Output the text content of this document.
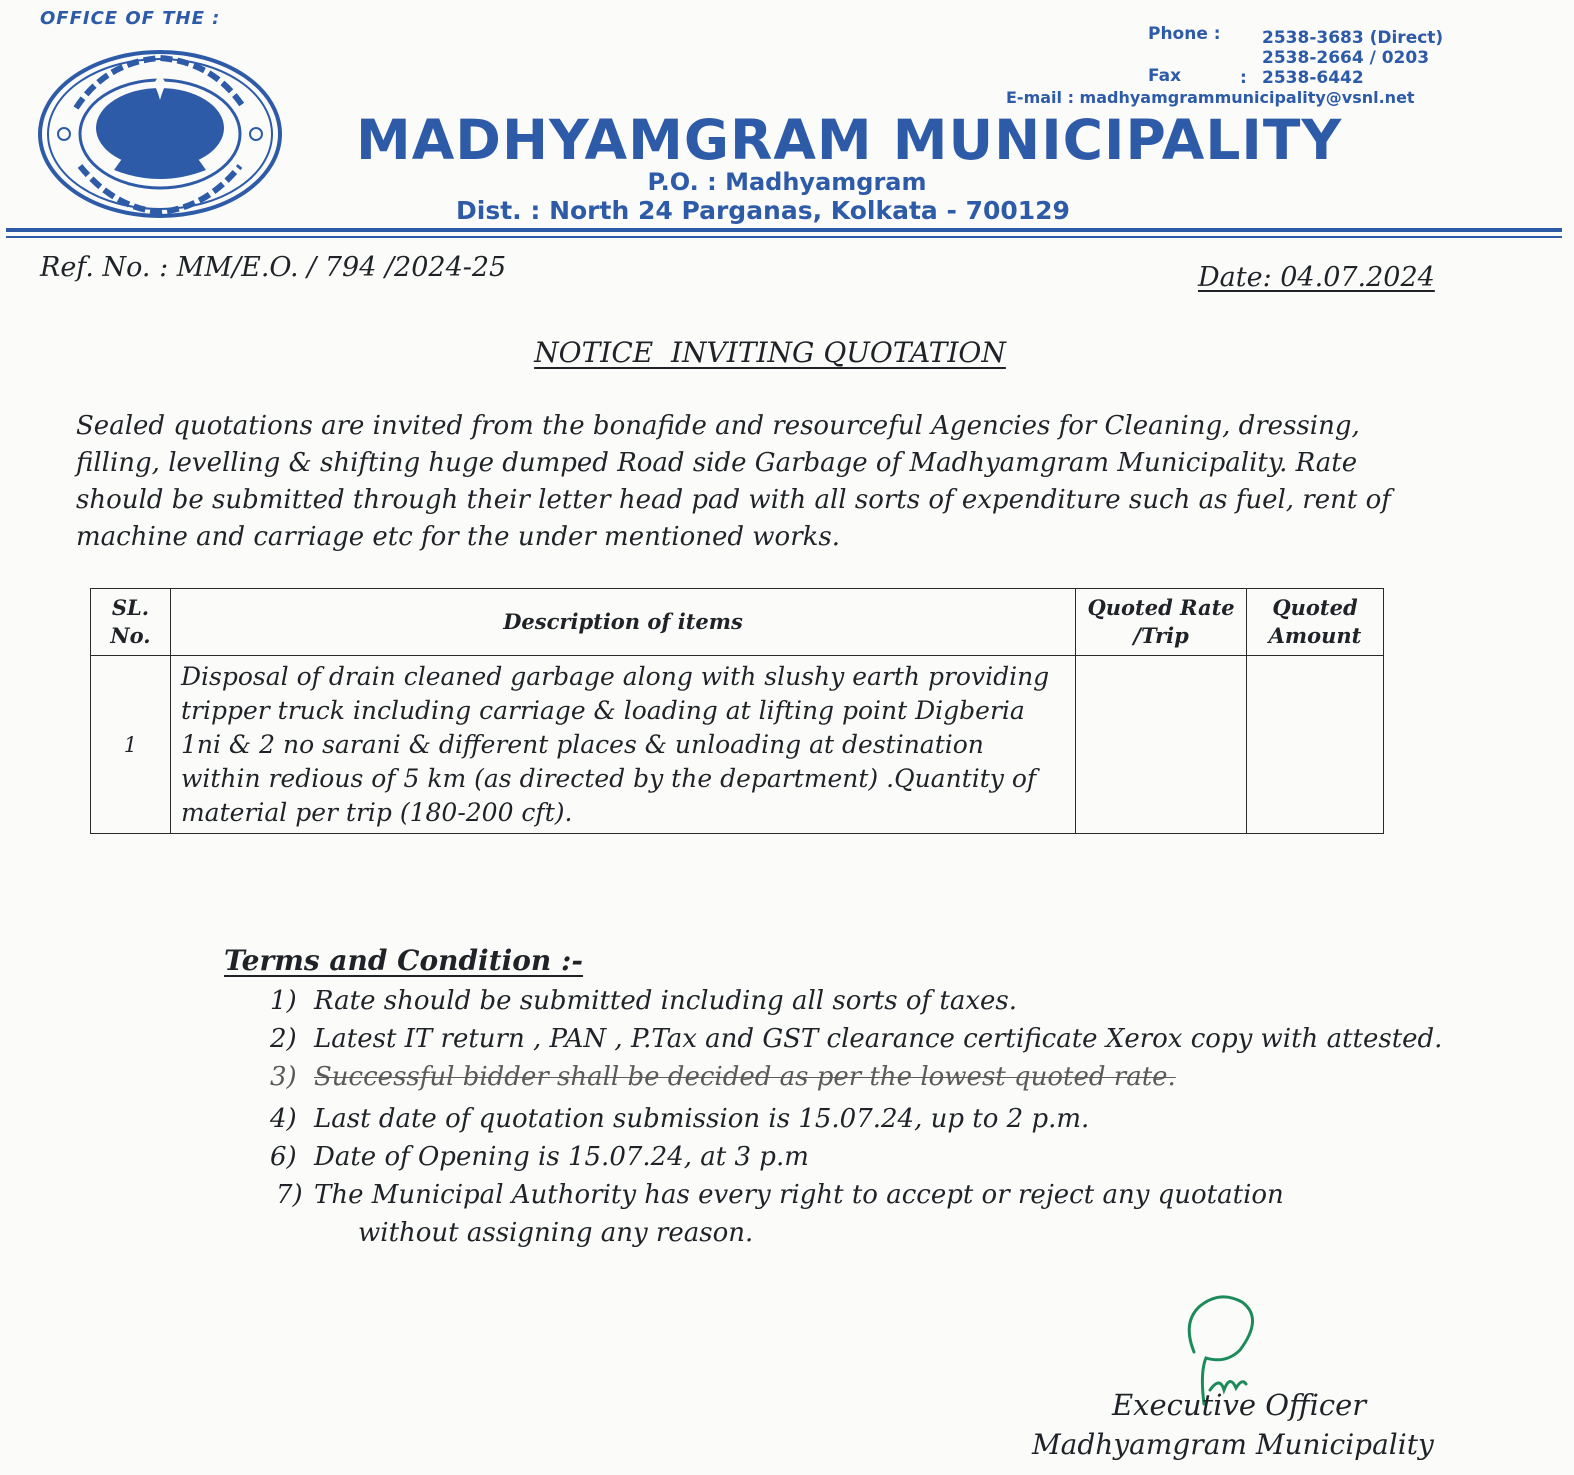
OFFICE OF THE :
Phone : 2538-3683 (Direct)
2538-2664 / 0203
Fax	: 2538-6442
E-mail : madhyamgrammunicipality@vsnl.net
MADHYAMGRAM MUNICIPALITY
P.O. : Madhyamgram
Dist. : North 24 Parganas, Kolkata - 700129
Ref. No. : MM/E.O. / 794 /2024-25	Date: 04.07.2024
NOTICE  INVITING QUOTATION
Sealed quotations are invited from the bonafide and resourceful Agencies for Cleaning, dressing, filling, levelling & shifting huge dumped Road side Garbage of Madhyamgram Municipality. Rate should be submitted through their letter head pad with all sorts of expenditure such as fuel, rent of machine and carriage etc for the under mentioned works.
SL. No.	Description of items	Quoted Rate /Trip	Quoted Amount
1	Disposal of drain cleaned garbage along with slushy earth providing tripper truck including carriage & loading at lifting point Digberia 1ni & 2 no sarani & different places & unloading at destination within redious of 5 km (as directed by the department) .Quantity of material per trip (180-200 cft).		
Terms and Condition :-
1) Rate should be submitted including all sorts of taxes.
2) Latest IT return , PAN , P.Tax and GST clearance certificate Xerox copy with attested.
3) Successful bidder shall be decided as per the lowest quoted rate.
4) Last date of quotation submission is 15.07.24, up to 2 p.m.
6) Date of Opening is 15.07.24, at 3 p.m
7) The Municipal Authority has every right to accept or reject any quotation
without assigning any reason.
Executive Officer
Madhyamgram Municipality
